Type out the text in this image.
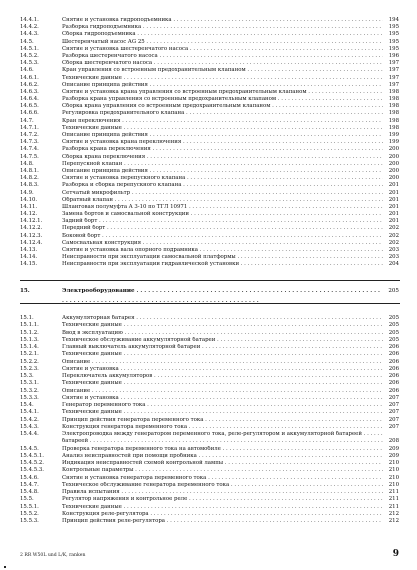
14.4.1.	Снятие и установка гидроподъемника . . .	194
14.4.2.	Разборка гидроподъемника . . .	195
14.4.3.	Сборка гидроподъемника . . .	195
14.5.	Шестеренчатый насос AG 25 . . .	195
14.5.1.	Снятие и установка шестеренчатого насоса . . .	195
14.5.2.	Разборка шестеренчатого насоса . . .	196
14.5.3.	Сборка шестеренчатого насоса . . .	197
14.6.	Кран управления со встроенным предохранительным клапаном . . .	197
14.6.1.	Технические данные . . .	197
14.6.2.	Описание принципа действия . . .	197
14.6.3.	Снятие и установка крана управления со встроенным предохранительным клапаном . . .	198
14.6.4.	Разборка крана управления со встроенным предохранительным клапаном . . .	198
14.6.5.	Сборка крана управления со встроенным предохранительным клапаном . . .	198
14.6.6.	Регулировка предохранительного клапана . . .	198
14.7.	Кран переключения . . .	198
14.7.1.	Технические данные . . .	198
14.7.2.	Описание принципа действия . . .	199
14.7.3.	Снятие и установка крана переключения . . .	199
14.7.4.	Разборка крана переключения . . .	200
14.7.5.	Сборка крана переключения . . .	200
14.8.	Перепускной клапан . . .	200
14.8.1.	Описание принципа действия . . .	200
14.8.2.	Снятие и установка перепускного клапана . . .	200
14.8.3.	Разборка и сборка перепускного клапана . . .	201
14.9.	Сетчатый микрофильтр . . .	201
14.10.	Обратный клапан . . .	201
14.11.	Шланговая полумуфта A 3-10 по TГЛ 10971 . . .	201
14.12.	Замена бортов и самосвальной конструкции . . .	201
14.12.1.	Задний борт . . .	201
14.12.2.	Передний борт . . .	202
14.12.3.	Боковой борт . . .	202
14.12.4.	Самосвальная конструкция . . .	202
14.13.	Снятие и установка вала опорного подрамника . . .	203
14.14.	Неисправности при эксплуатации самосвальной платформы . . .	203
14.15.	Неисправности при эксплуатации гидравлической установки . . .	204
15.	Электрооборудование . . .	205
15.1.	Аккумуляторная батарея . . .	205
15.1.1.	Технические данные . . .	205
15.1.2.	Ввод в эксплуатацию . . .	205
15.1.3.	Техническое обслуживание аккумуляторной батареи . . .	205
15.1.4.	Главный выключатель аккумуляторной батареи . . .	206
15.2.1.	Технические данные . . .	206
15.2.2.	Описание . . .	206
15.2.3.	Снятие и установка . . .	206
15.3.	Переключатель аккумуляторов . . .	206
15.3.1.	Технические данные . . .	206
15.3.2.	Описание . . .	206
15.3.3.	Снятие и установка . . .	207
15.4.	Генератор переменного тока . . .	207
15.4.1.	Технические данные . . .	207
15.4.2.	Принцип действия генератора переменного тока . . .	207
15.4.3.	Конструкция генератора переменного тока . . .	207
15.4.4.	Электропроводка между генератором переменного тока, реле-регулятором и аккумуляторной батареей . . .
батареей . . .	208
15.4.5.	Проверка генератора переменного тока на автомобиле . . .	209
15.4.5.1.	Анализ неисправностей при помощи пробника . . .	209
15.4.5.2.	Индикация неисправностей схемой контрольной лампы . . .	210
15.4.5.3.	Контрольные параметры . . .	210
15.4.6.	Снятие и установка генератора переменного тока . . .	210
15.4.7.	Техническое обслуживание генератора переменного тока . . .	210
15.4.8.	Правила испытания . . .	211
15.5.	Регулятор напряжения и контрольное реле . . .	211
15.5.1.	Технические данные . . .	211
15.5.2.	Конструкция реле-регулятора . . .	212
15.5.3.	Принцип действия реле-регулятора . . .	212
2 RR W50L und L/K, ranken	9
